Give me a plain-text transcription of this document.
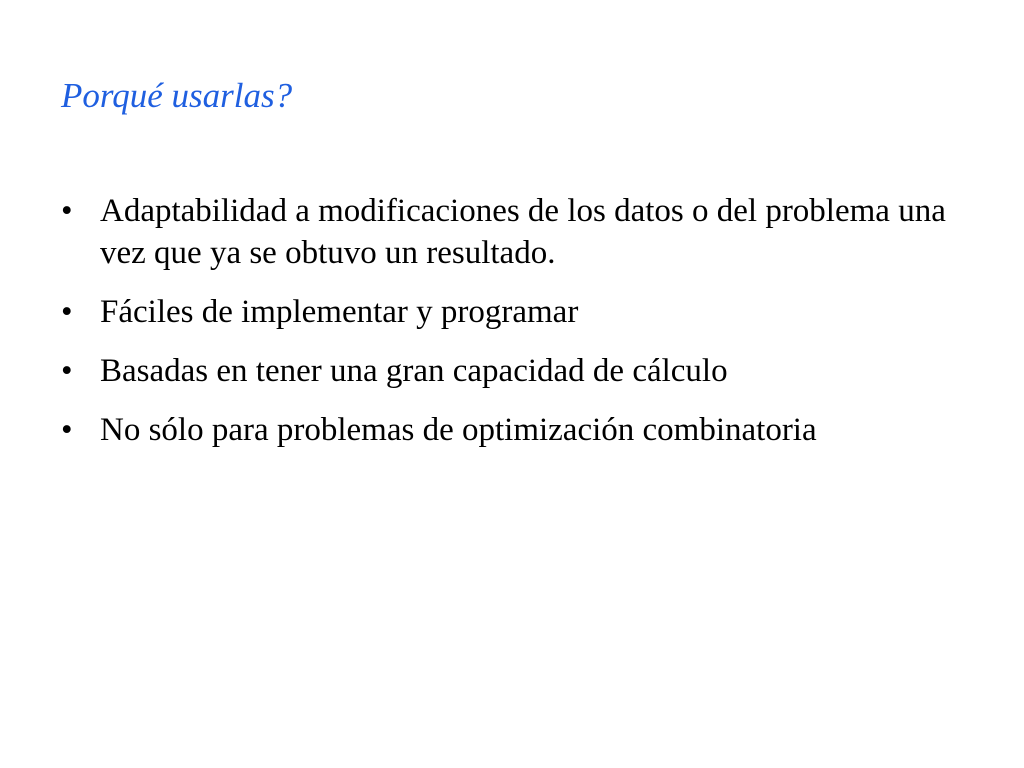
Porqué usarlas?
• Adaptabilidad a modificaciones de los datos o del problema una vez que ya se obtuvo un resultado.
• Fáciles de implementar y programar
• Basadas en tener una gran capacidad de cálculo
• No sólo para problemas de optimización combinatoria
